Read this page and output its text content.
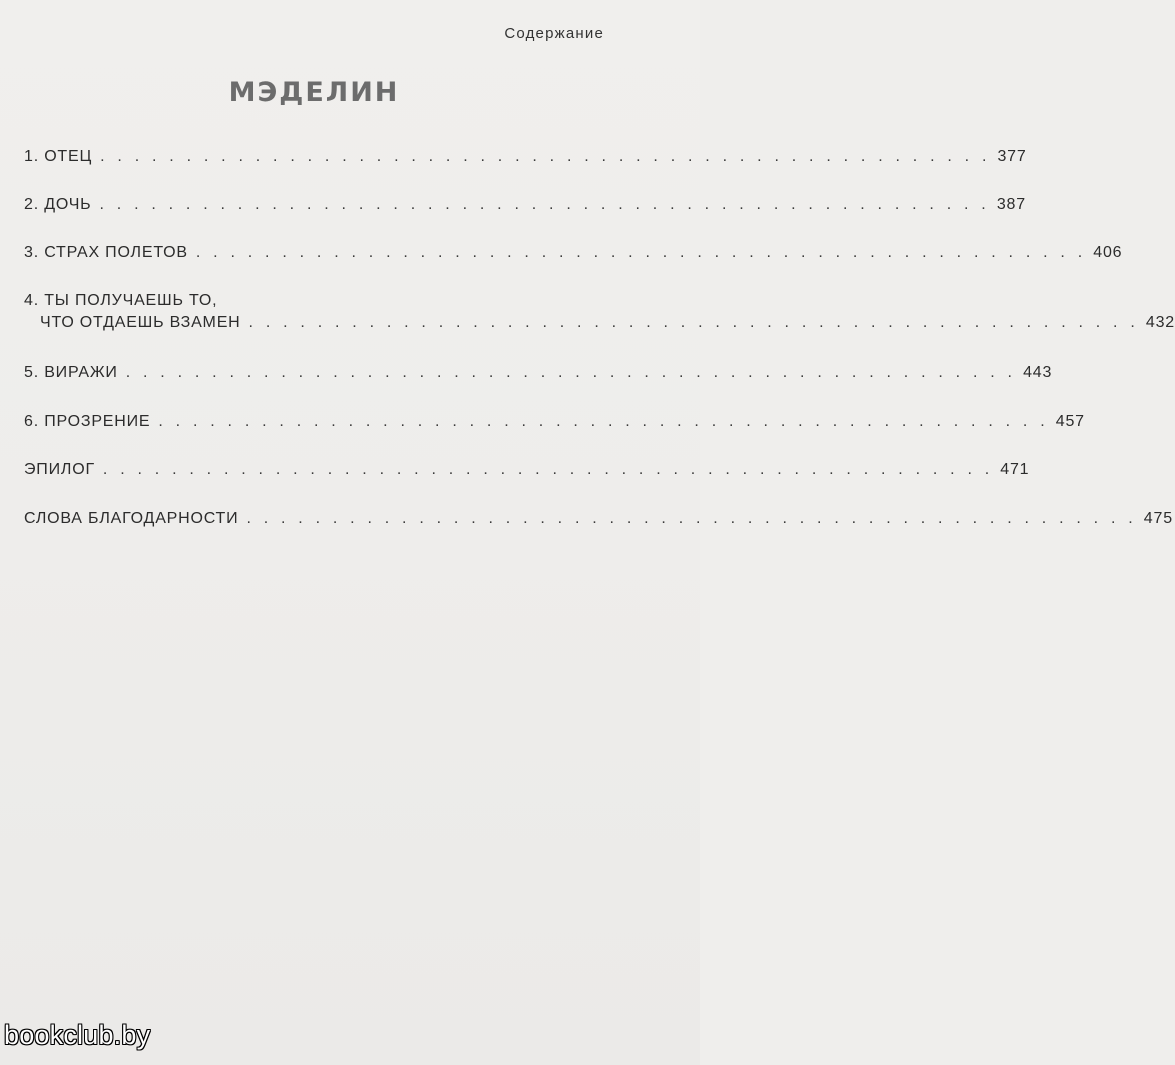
Содержание
МЭДЕЛИН
1. ОТЕЦ . . . . . . . . . . . . . . . . . . . . . . . . . . . . . . . . . . . . . . . . . . . . . . . . . . . . 377
2. ДОЧЬ . . . . . . . . . . . . . . . . . . . . . . . . . . . . . . . . . . . . . . . . . . . . . . . . . . . . 387
3. СТРАХ ПОЛЕТОВ . . . . . . . . . . . . . . . . . . . . . . . . . . . . . . . . . . . . . . . . . . . . . . . . . . . . 406
4. ТЫ ПОЛУЧАЕШЬ ТО,
ЧТО ОТДАЕШЬ ВЗАМЕН . . . . . . . . . . . . . . . . . . . . . . . . . . . . . . . . . . . . . . . . . . . . . . . . . . . . 432
5. ВИРАЖИ . . . . . . . . . . . . . . . . . . . . . . . . . . . . . . . . . . . . . . . . . . . . . . . . . . . . 443
6. ПРОЗРЕНИЕ . . . . . . . . . . . . . . . . . . . . . . . . . . . . . . . . . . . . . . . . . . . . . . . . . . . . 457
ЭПИЛОГ . . . . . . . . . . . . . . . . . . . . . . . . . . . . . . . . . . . . . . . . . . . . . . . . . . . . 471
СЛОВА БЛАГОДАРНОСТИ . . . . . . . . . . . . . . . . . . . . . . . . . . . . . . . . . . . . . . . . . . . . . . . . . . . . 475
bookclub.by
